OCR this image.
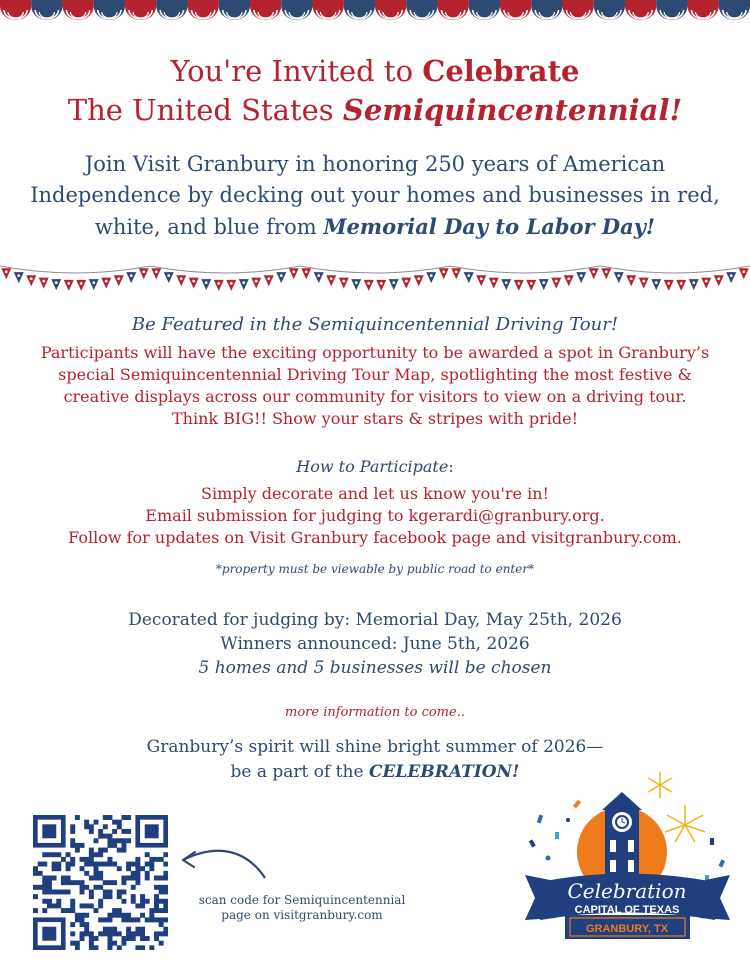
You're Invited to Celebrate
The United States Semiquincentennial!
Join Visit Granbury in honoring 250 years of American
Independence by decking out your homes and businesses in red,
white, and blue from Memorial Day to Labor Day!
Be Featured in the Semiquincentennial Driving Tour!
Participants will have the exciting opportunity to be awarded a spot in Granbury’s
special Semiquincentennial Driving Tour Map, spotlighting the most festive &
creative displays across our community for visitors to view on a driving tour.
Think BIG!! Show your stars & stripes with pride!
How to Participate:
Simply decorate and let us know you're in!
Email submission for judging to kgerardi@granbury.org.
Follow for updates on Visit Granbury facebook page and visitgranbury.com.
*property must be viewable by public road to enter*
Decorated for judging by: Memorial Day, May 25th, 2026
Winners announced: June 5th, 2026
5 homes and 5 businesses will be chosen
more information to come..
Granbury’s spirit will shine bright summer of 2026—
be a part of the CELEBRATION!
scan code for Semiquincentennial
page on visitgranbury.com
Celebration
CAPITAL OF TEXAS
GRANBURY, TX
